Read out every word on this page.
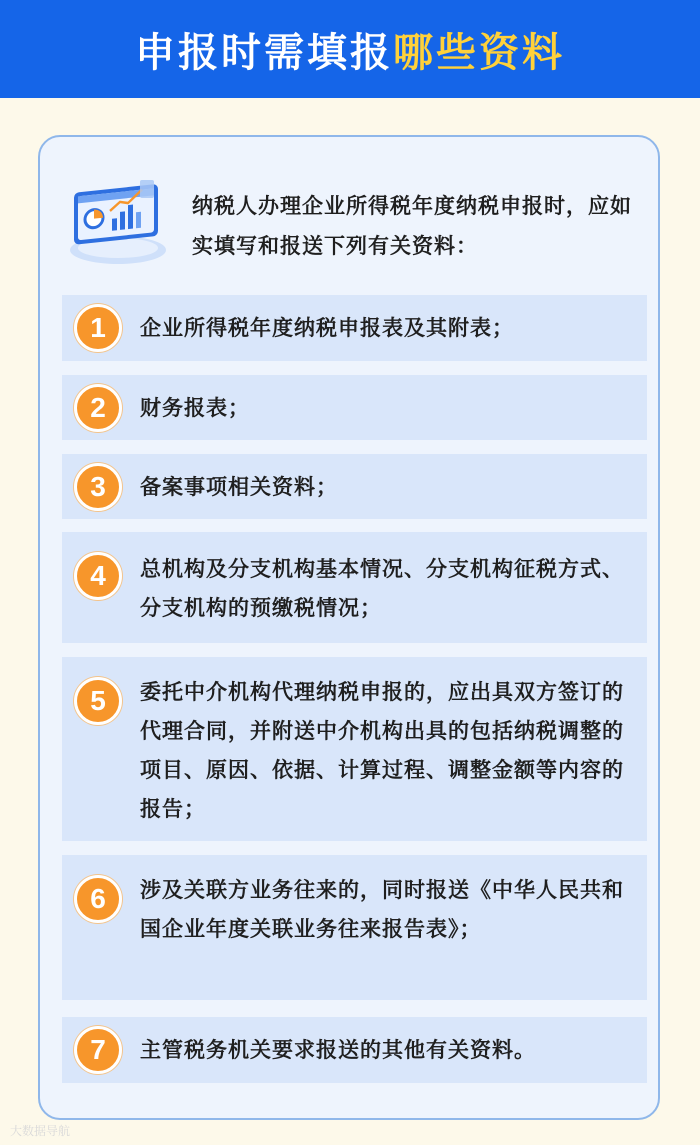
申报时需填报哪些资料
纳税人办理企业所得税年度纳税申报时，应如实填写和报送下列有关资料：
1	企业所得税年度纳税申报表及其附表；
2	财务报表；
3	备案事项相关资料；
4	总机构及分支机构基本情况、分支机构征税方式、分支机构的预缴税情况；
5	委托中介机构代理纳税申报的，应出具双方签订的代理合同，并附送中介机构出具的包括纳税调整的项目、原因、依据、计算过程、调整金额等内容的报告；
6	涉及关联方业务往来的，同时报送《中华人民共和国企业年度关联业务往来报告表》；
7	主管税务机关要求报送的其他有关资料。
大数据导航
